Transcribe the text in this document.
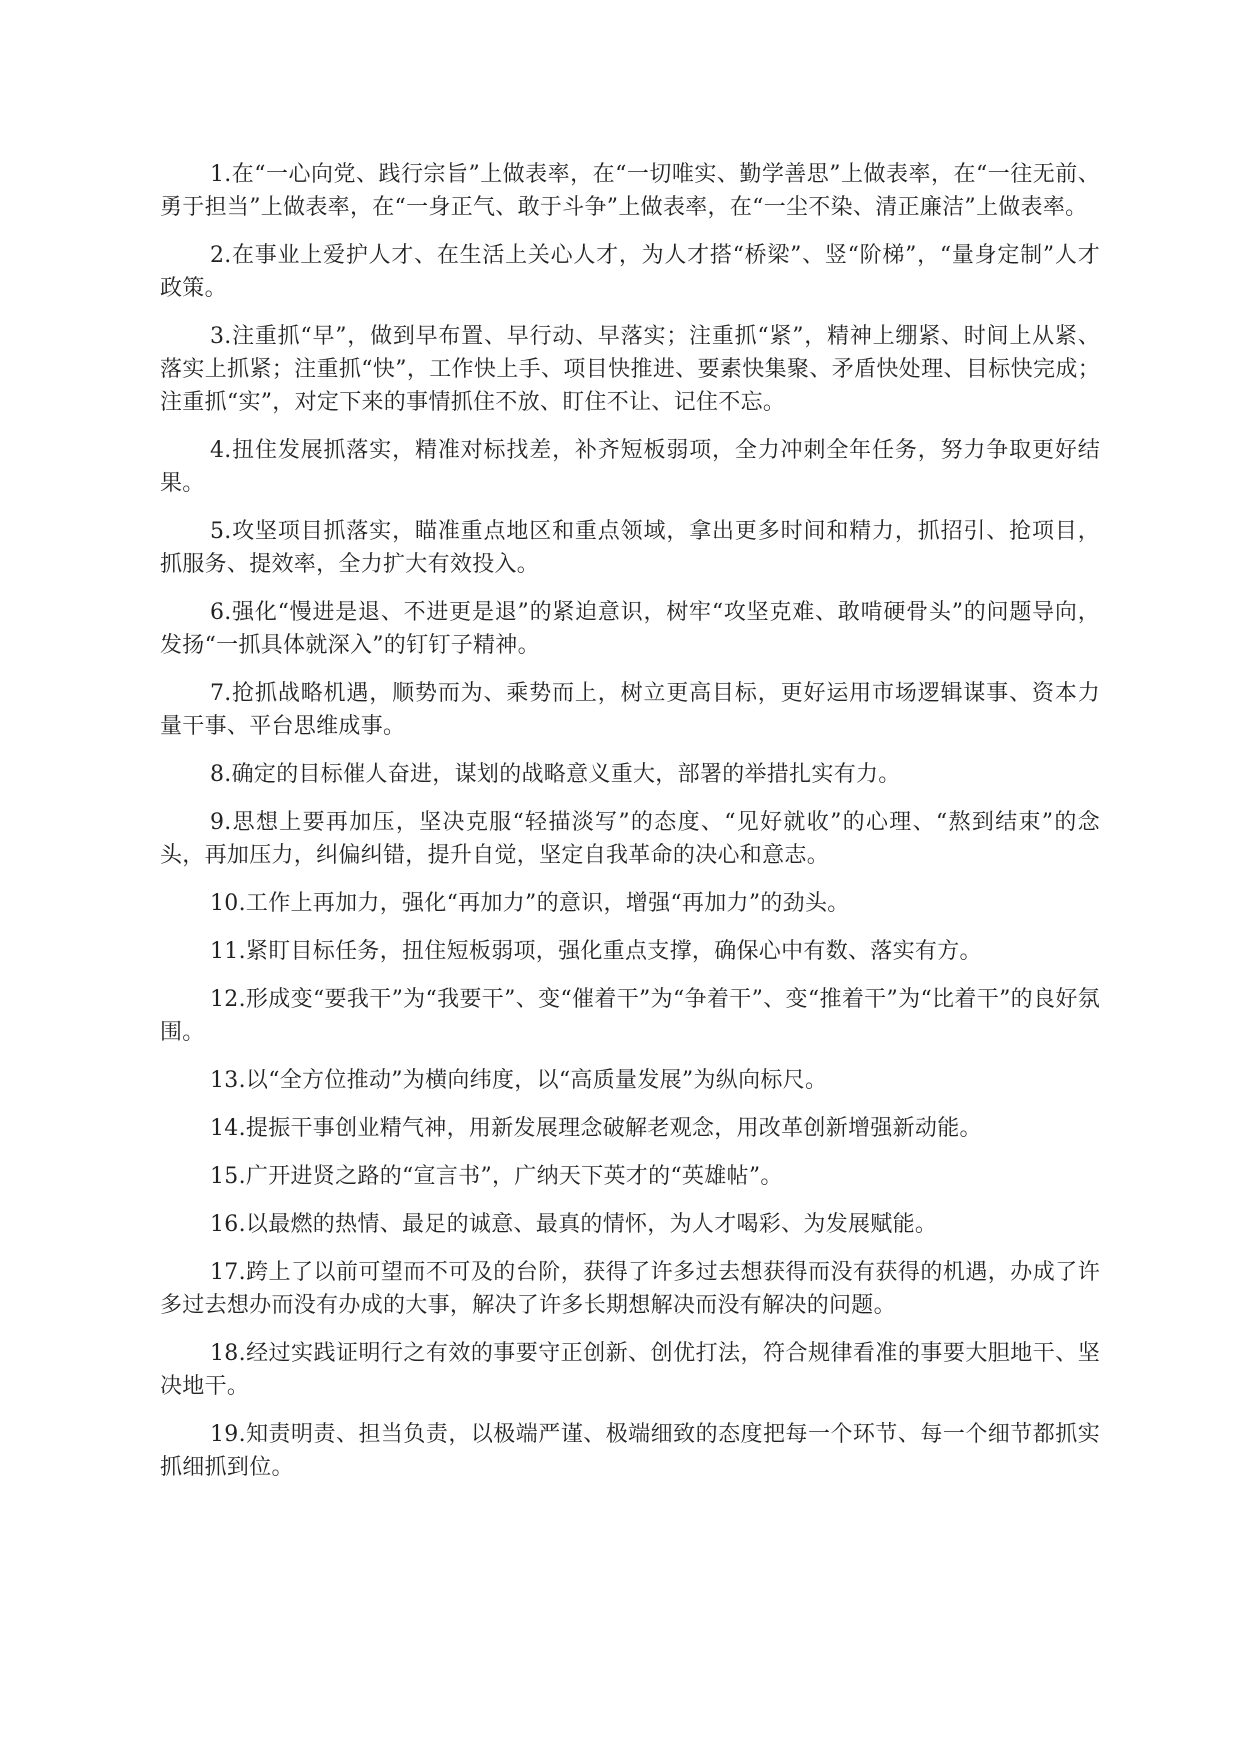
1.在“一心向党、践行宗旨”上做表率，在“一切唯实、勤学善思”上做表率，在“一往无前、勇于担当”上做表率，在“一身正气、敢于斗争”上做表率，在“一尘不染、清正廉洁”上做表率。

2.在事业上爱护人才、在生活上关心人才，为人才搭“桥梁”、竖“阶梯”，“量身定制”人才政策。

3.注重抓“早”，做到早布置、早行动、早落实；注重抓“紧”，精神上绷紧、时间上从紧、落实上抓紧；注重抓“快”，工作快上手、项目快推进、要素快集聚、矛盾快处理、目标快完成；注重抓“实”，对定下来的事情抓住不放、盯住不让、记住不忘。

4.扭住发展抓落实，精准对标找差，补齐短板弱项，全力冲刺全年任务，努力争取更好结果。

5.攻坚项目抓落实，瞄准重点地区和重点领域，拿出更多时间和精力，抓招引、抢项目，抓服务、提效率，全力扩大有效投入。

6.强化“慢进是退、不进更是退”的紧迫意识，树牢“攻坚克难、敢啃硬骨头”的问题导向，发扬“一抓具体就深入”的钉钉子精神。

7.抢抓战略机遇，顺势而为、乘势而上，树立更高目标，更好运用市场逻辑谋事、资本力量干事、平台思维成事。

8.确定的目标催人奋进，谋划的战略意义重大，部署的举措扎实有力。

9.思想上要再加压，坚决克服“轻描淡写”的态度、“见好就收”的心理、“熬到结束”的念头，再加压力，纠偏纠错，提升自觉，坚定自我革命的决心和意志。

10.工作上再加力，强化“再加力”的意识，增强“再加力”的劲头。

11.紧盯目标任务，扭住短板弱项，强化重点支撑，确保心中有数、落实有方。

12.形成变“要我干”为“我要干”、变“催着干”为“争着干”、变“推着干”为“比着干”的良好氛围。

13.以“全方位推动”为横向纬度，以“高质量发展”为纵向标尺。

14.提振干事创业精气神，用新发展理念破解老观念，用改革创新增强新动能。

15.广开进贤之路的“宣言书”，广纳天下英才的“英雄帖”。

16.以最燃的热情、最足的诚意、最真的情怀，为人才喝彩、为发展赋能。

17.跨上了以前可望而不可及的台阶，获得了许多过去想获得而没有获得的机遇，办成了许多过去想办而没有办成的大事，解决了许多长期想解决而没有解决的问题。

18.经过实践证明行之有效的事要守正创新、创优打法，符合规律看准的事要大胆地干、坚决地干。

19.知责明责、担当负责，以极端严谨、极端细致的态度把每一个环节、每一个细节都抓实抓细抓到位。
